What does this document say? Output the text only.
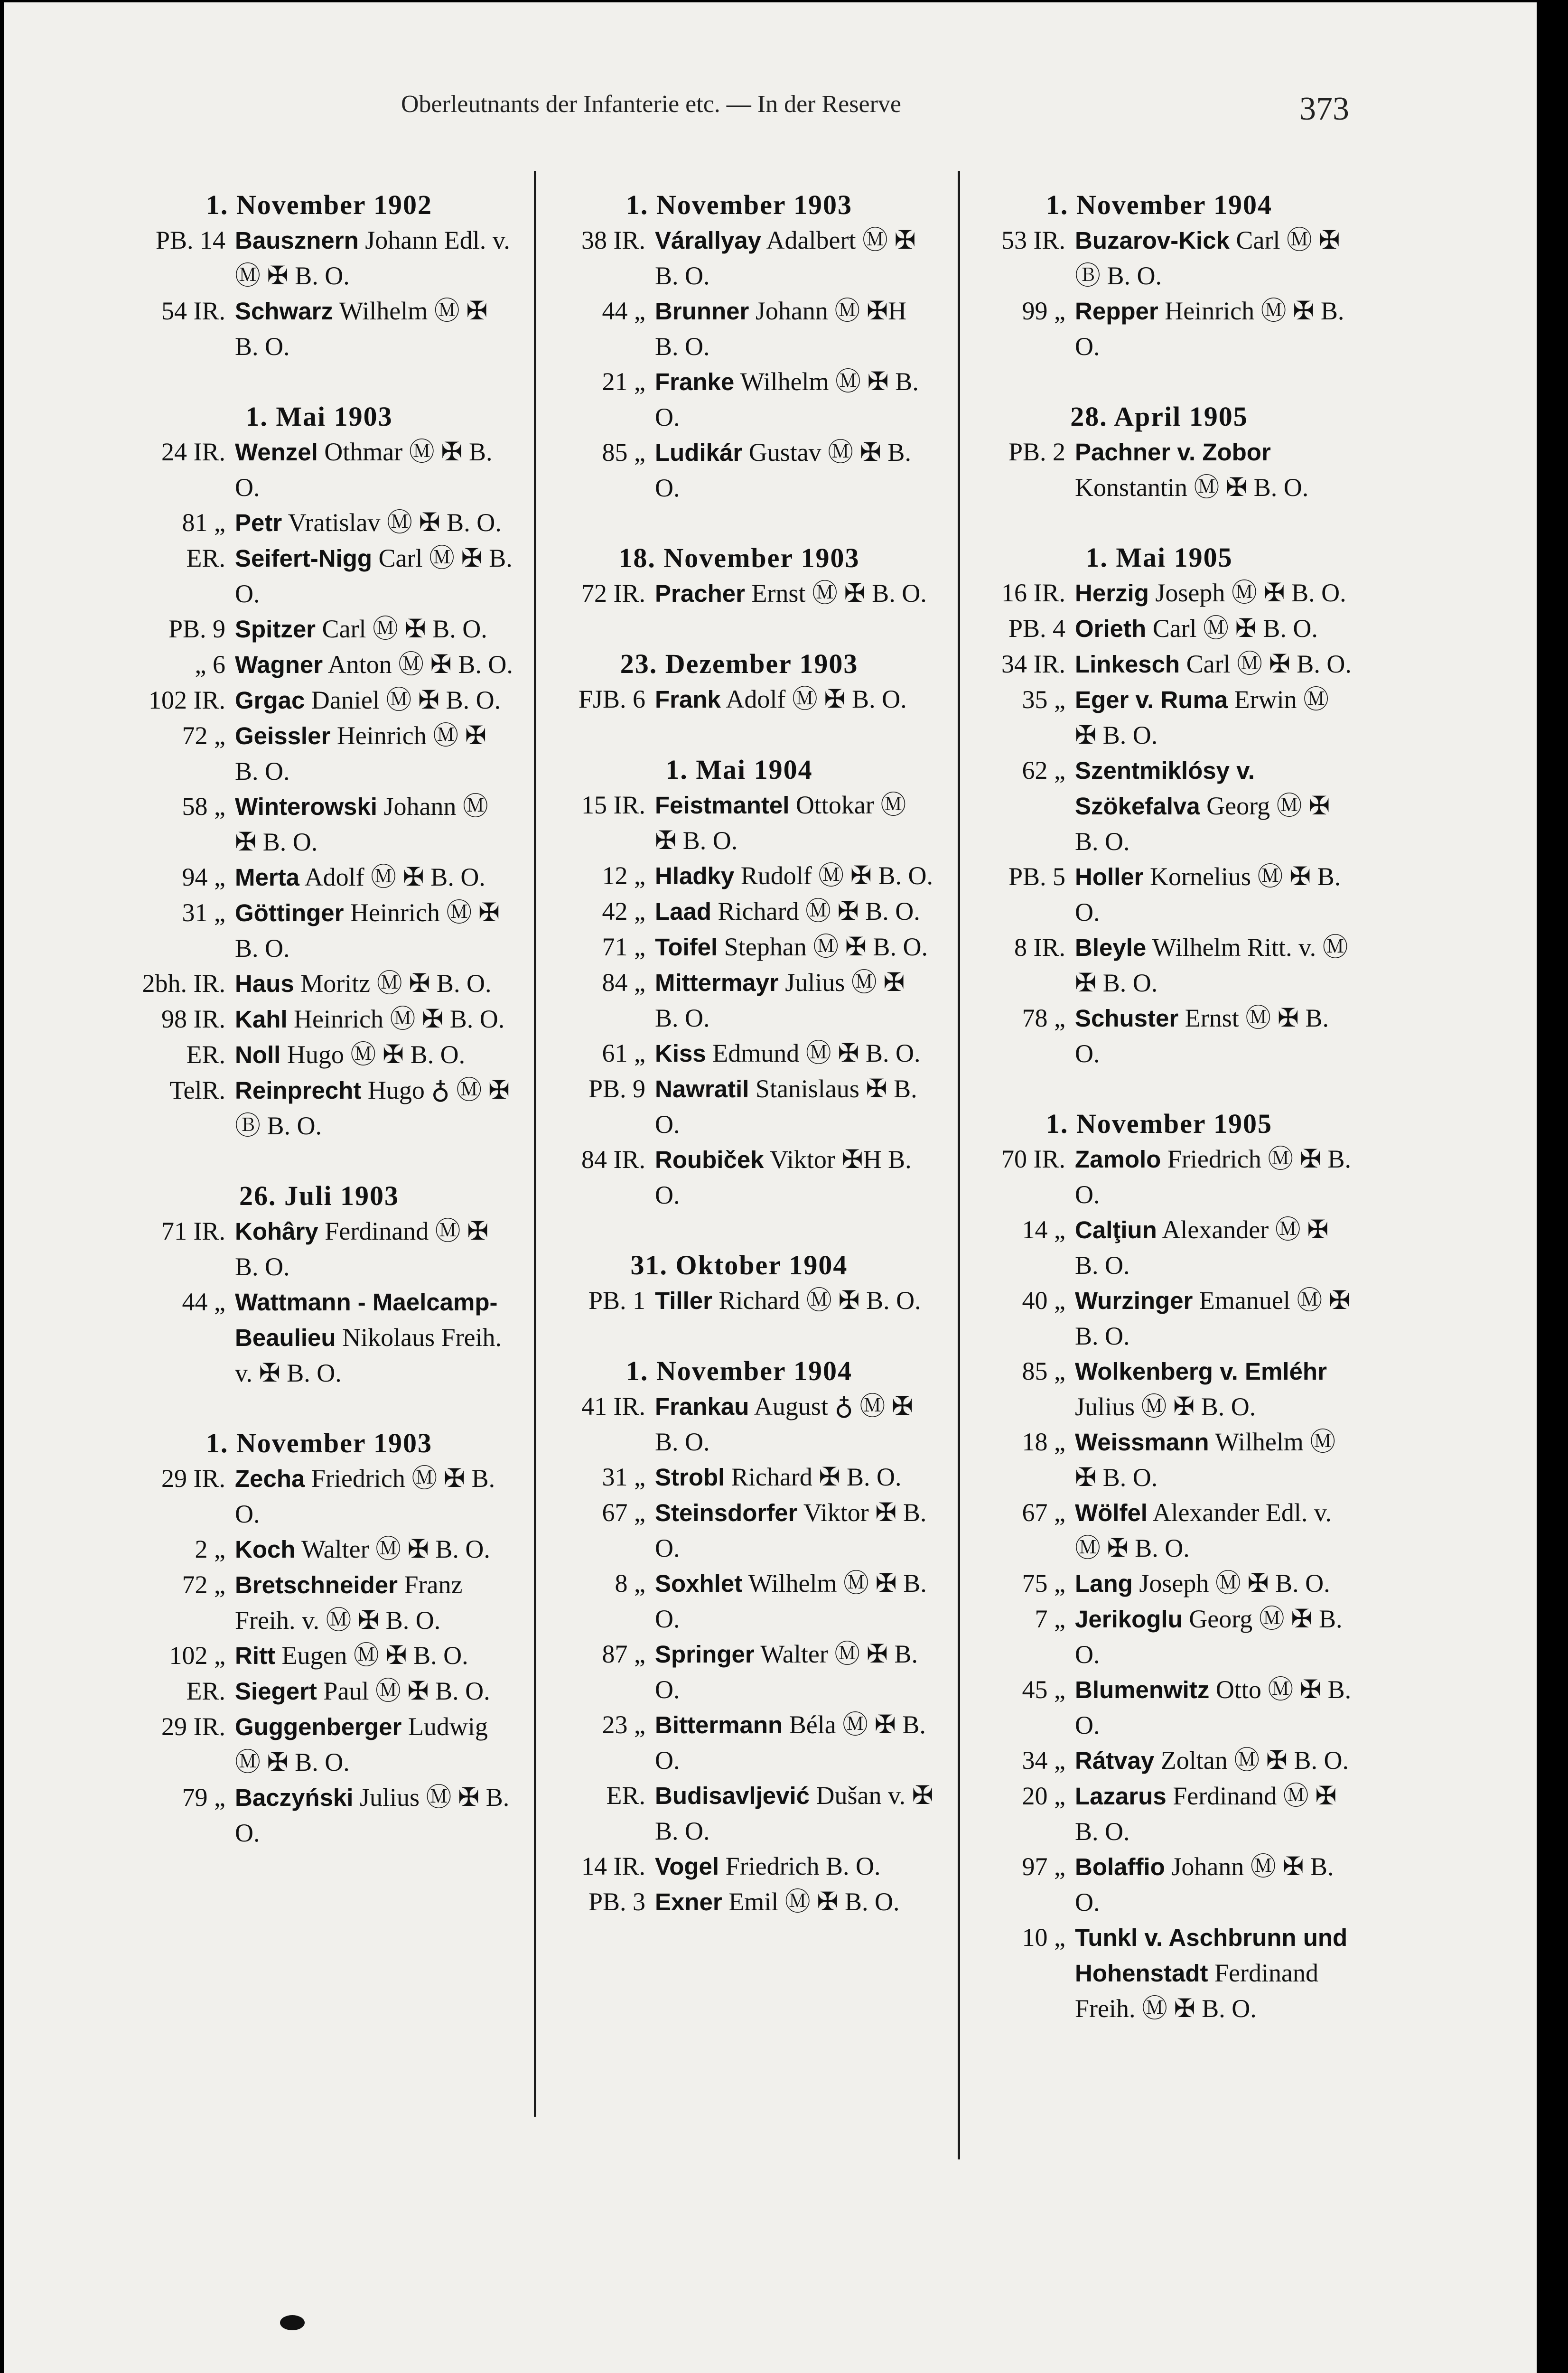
Oberleutnants der Infanterie etc. — In der Reserve	373
1. November 1902
PB. 14 Bausznern Johann Edl. v. Ⓜ ✠ B. O.
54 IR. Schwarz Wilhelm Ⓜ ✠ B. O.
1. Mai 1903
24 IR. Wenzel Othmar Ⓜ ✠ B. O.
81 „ Petr Vratislav Ⓜ ✠ B. O.
ER. Seifert-Nigg Carl Ⓜ ✠ B. O.
PB. 9 Spitzer Carl Ⓜ ✠ B. O.
„ 6 Wagner Anton Ⓜ ✠ B. O.
102 IR. Grgac Daniel Ⓜ ✠ B. O.
72 „ Geissler Heinrich Ⓜ ✠ B. O.
58 „ Winterowski Johann Ⓜ ✠ B. O.
94 „ Merta Adolf Ⓜ ✠ B. O.
31 „ Göttinger Heinrich Ⓜ ✠ B. O.
2bh. IR. Haus Moritz Ⓜ ✠ B. O.
98 IR. Kahl Heinrich Ⓜ ✠ B. O.
ER. Noll Hugo Ⓜ ✠ B. O.
TelR. Reinprecht Hugo ♁ Ⓜ ✠ Ⓑ B. O.
26. Juli 1903
71 IR. Kohâry Ferdinand Ⓜ ✠ B. O.
44 „ Wattmann - Maelcamp-Beaulieu Nikolaus Freih. v. ✠ B. O.
1. November 1903
29 IR. Zecha Friedrich Ⓜ ✠ B. O.
2 „ Koch Walter Ⓜ ✠ B. O.
72 „ Bretschneider Franz Freih. v. Ⓜ ✠ B. O.
102 „ Ritt Eugen Ⓜ ✠ B. O.
ER. Siegert Paul Ⓜ ✠ B. O.
29 IR. Guggenberger Ludwig Ⓜ ✠ B. O.
79 „ Baczyński Julius Ⓜ ✠ B. O.
1. November 1903
38 IR. Várallyay Adalbert Ⓜ ✠ B. O.
44 „ Brunner Johann Ⓜ ✠H B. O.
21 „ Franke Wilhelm Ⓜ ✠ B. O.
85 „ Ludikár Gustav Ⓜ ✠ B. O.
18. November 1903
72 IR. Pracher Ernst Ⓜ ✠ B. O.
23. Dezember 1903
FJB. 6 Frank Adolf Ⓜ ✠ B. O.
1. Mai 1904
15 IR. Feistmantel Ottokar Ⓜ ✠ B. O.
12 „ Hladky Rudolf Ⓜ ✠ B. O.
42 „ Laad Richard Ⓜ ✠ B. O.
71 „ Toifel Stephan Ⓜ ✠ B. O.
84 „ Mittermayr Julius Ⓜ ✠ B. O.
61 „ Kiss Edmund Ⓜ ✠ B. O.
PB. 9 Nawratil Stanislaus ✠ B. O.
84 IR. Roubiček Viktor ✠H B. O.
31. Oktober 1904
PB. 1 Tiller Richard Ⓜ ✠ B. O.
1. November 1904
41 IR. Frankau August ♁ Ⓜ ✠ B. O.
31 „ Strobl Richard ✠ B. O.
67 „ Steinsdorfer Viktor ✠ B. O.
8 „ Soxhlet Wilhelm Ⓜ ✠ B. O.
87 „ Springer Walter Ⓜ ✠ B. O.
23 „ Bittermann Béla Ⓜ ✠ B. O.
ER. Budisavljević Dušan v. ✠ B. O.
14 IR. Vogel Friedrich B. O.
PB. 3 Exner Emil Ⓜ ✠ B. O.
1. November 1904
53 IR. Buzarov-Kick Carl Ⓜ ✠ Ⓑ B. O.
99 „ Repper Heinrich Ⓜ ✠ B. O.
28. April 1905
PB. 2 Pachner v. Zobor Konstantin Ⓜ ✠ B. O.
1. Mai 1905
16 IR. Herzig Joseph Ⓜ ✠ B. O.
PB. 4 Orieth Carl Ⓜ ✠ B. O.
34 IR. Linkesch Carl Ⓜ ✠ B. O.
35 „ Eger v. Ruma Erwin Ⓜ ✠ B. O.
62 „ Szentmiklósy v. Szökefalva Georg Ⓜ ✠ B. O.
PB. 5 Holler Kornelius Ⓜ ✠ B. O.
8 IR. Bleyle Wilhelm Ritt. v. Ⓜ ✠ B. O.
78 „ Schuster Ernst Ⓜ ✠ B. O.
1. November 1905
70 IR. Zamolo Friedrich Ⓜ ✠ B. O.
14 „ Calţiun Alexander Ⓜ ✠ B. O.
40 „ Wurzinger Emanuel Ⓜ ✠ B. O.
85 „ Wolkenberg v. Emléhr Julius Ⓜ ✠ B. O.
18 „ Weissmann Wilhelm Ⓜ ✠ B. O.
67 „ Wölfel Alexander Edl. v. Ⓜ ✠ B. O.
75 „ Lang Joseph Ⓜ ✠ B. O.
7 „ Jerikoglu Georg Ⓜ ✠ B. O.
45 „ Blumenwitz Otto Ⓜ ✠ B. O.
34 „ Rátvay Zoltan Ⓜ ✠ B. O.
20 „ Lazarus Ferdinand Ⓜ ✠ B. O.
97 „ Bolaffio Johann Ⓜ ✠ B. O.
10 „ Tunkl v. Aschbrunn und Hohenstadt Ferdinand Freih. Ⓜ ✠ B. O.
